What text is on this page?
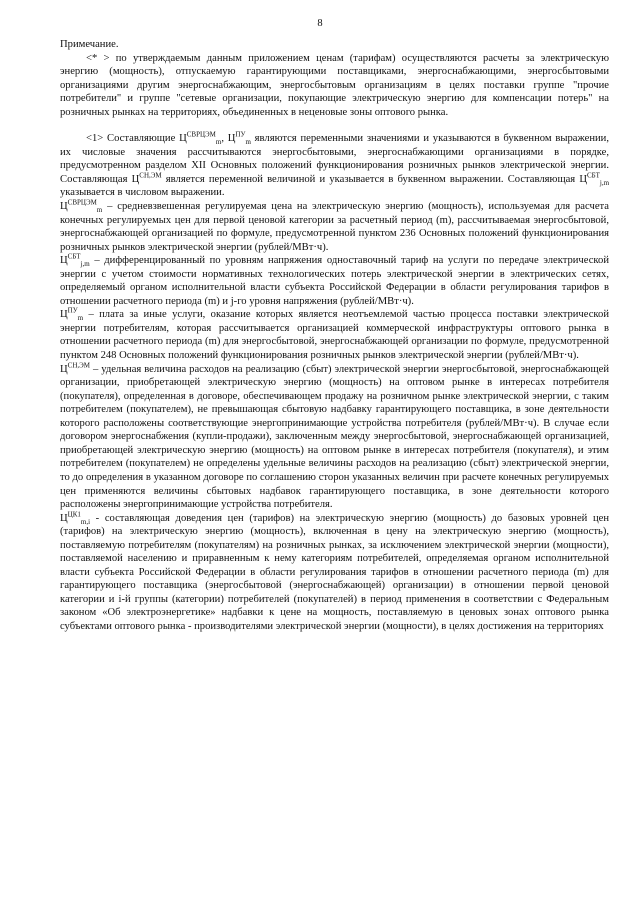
8

Примечание.

<* > по утверждаемым данным приложением ценам (тарифам) осуществляются расчеты за электрическую энергию (мощность), отпускаемую гарантирующими поставщиками, энергоснабжающими, энергосбытовыми организациями другим энергоснабжающим, энергосбытовым организациям в целях поставки группе "прочие потребители" и группе "сетевые организации, покупающие электрическую энергию для компенсации потерь" на розничных рынках на территориях, объединенных в неценовые зоны оптового рынка.

<1> Составляющие $Ц^{СВРЦЭМ}_m$, $Ц^{ПУ}_m$ являются переменными значениями и указываются в буквенном выражении, их числовые значения рассчитываются энергосбытовыми, энергоснабжающими организациями в порядке, предусмотренном разделом XII Основных положений функционирования розничных рынков электрической энергии. Составляющая $Ц^{СН,ЭМ}$ является переменной величиной и указывается в буквенном выражении. Составляющая $Ц^{СБТ}_{j,m}$ указывается в числовом выражении.

$Ц^{СВРЦЭМ}_m$ – средневзвешенная регулируемая цена на электрическую энергию (мощность), используемая для расчета конечных регулируемых цен для первой ценовой категории за расчетный период (m), рассчитываемая энергосбытовой, энергоснабжающей организацией по формуле, предусмотренной пунктом 236 Основных положений функционирования розничных рынков электрической энергии (рублей/МВт·ч).

$Ц^{СБТ}_{j,m}$ – дифференцированный по уровням напряжения одноставочный тариф на услуги по передаче электрической энергии с учетом стоимости нормативных технологических потерь электрической энергии в электрических сетях, определяемый органом исполнительной власти субъекта Российской Федерации в области регулирования тарифов в отношении расчетного периода (m) и j-го уровня напряжения (рублей/МВт·ч).

$Ц^{ПУ}_m$ – плата за иные услуги, оказание которых является неотъемлемой частью процесса поставки электрической энергии потребителям, которая рассчитывается организацией коммерческой инфраструктуры оптового рынка в отношении расчетного периода (m) для энергосбытовой, энергоснабжающей организации по формуле, предусмотренной пунктом 248 Основных положений функционирования розничных рынков электрической энергии (рублей/МВт·ч).

$Ц^{СН,ЭМ}$ – удельная величина расходов на реализацию (сбыт) электрической энергии энергосбытовой, энергоснабжающей организации, приобретающей электрическую энергию (мощность) на оптовом рынке в интересах потребителя (покупателя), определенная в договоре, обеспечивающем продажу на розничном рынке электрической энергии, с таким потребителем (покупателем), не превышающая сбытовую надбавку гарантирующего поставщика, в зоне деятельности которого расположены соответствующие энергопринимающие устройства потребителя (рублей/МВт·ч). В случае если договором энергоснабжения (купли-продажи), заключенным между энергосбытовой, энергоснабжающей организацией, приобретающей электрическую энергию (мощность) на оптовом рынке в интересах потребителя (покупателя), и этим потребителем (покупателем) не определены удельные величины расходов на реализацию (сбыт) электрической энергии, то до определения в указанном договоре по соглашению сторон указанных величин при расчете конечных регулируемых цен применяются величины сбытовых надбавок гарантирующего поставщика, в зоне деятельности которого расположены энергопринимающие устройства потребителя.

$Ц^{ЦК1}_{m,i}$ - составляющая доведения цен (тарифов) на электрическую энергию (мощность) до базовых уровней цен (тарифов) на электрическую энергию (мощность), включенная в цену на электрическую энергию (мощность), поставляемую потребителям (покупателям) на розничных рынках, за исключением электрической энергии (мощности), поставляемой населению и приравненным к нему категориям потребителей, определяемая органом исполнительной власти субъекта Российской Федерации в области регулирования тарифов в отношении расчетного периода (m) для гарантирующего поставщика (энергосбытовой (энергоснабжающей) организации) в отношении первой ценовой категории и i-й группы (категории) потребителей (покупателей) в период применения в соответствии с Федеральным законом «Об электроэнергетике» надбавки к цене на мощность, поставляемую в ценовых зонах оптового рынка субъектами оптового рынка - производителями электрической энергии (мощности), в целях достижения на территориях
